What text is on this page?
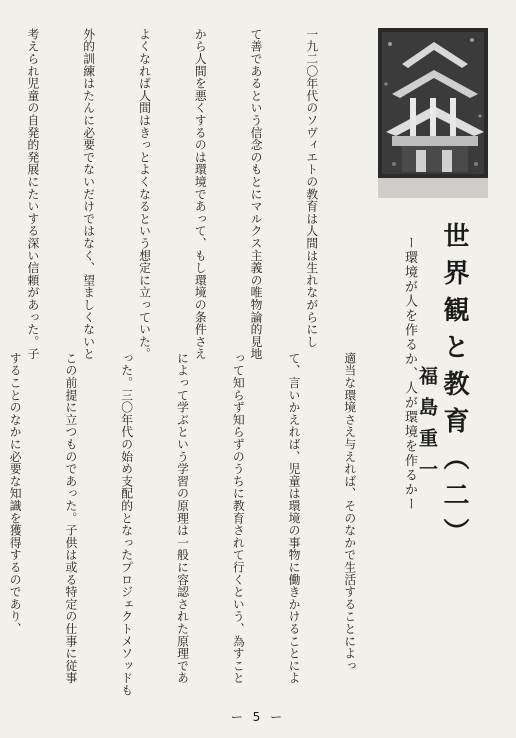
世界観と教育（二）
ー環境が人を作るか、人が環境を作るかー 福島重一

一九二〇年代のソヴィエトの教育は人間は生れながらにし

て善であるという信念のもとにマルクス主義の唯物論的見地

から人間を悪くするのは環境であって、もし環境の条件さえ

よくなれば人間はきっとよくなるという想定に立っていた。

外的訓練はたんに必要でないだけではなく、望ましくないと

考えられ児童の自発的発展にたいする深い信頼があった。子

適当な環境さえ与えれば、そのなかで生活することによっ

て、言いかえれば、児童は環境の事物に働きかけることによ

って知らず知らずのうちに教育されて行くという、為すこと

によって学ぶという学習の原理は一般に容認された原理であ

った。三〇年代の始め支配的となったプロジェクトメソッドも

この前提に立つものであった。子供は或る特定の仕事に従事

することのなかに必要な知識を獲得するのであり、

ー 5 ー
